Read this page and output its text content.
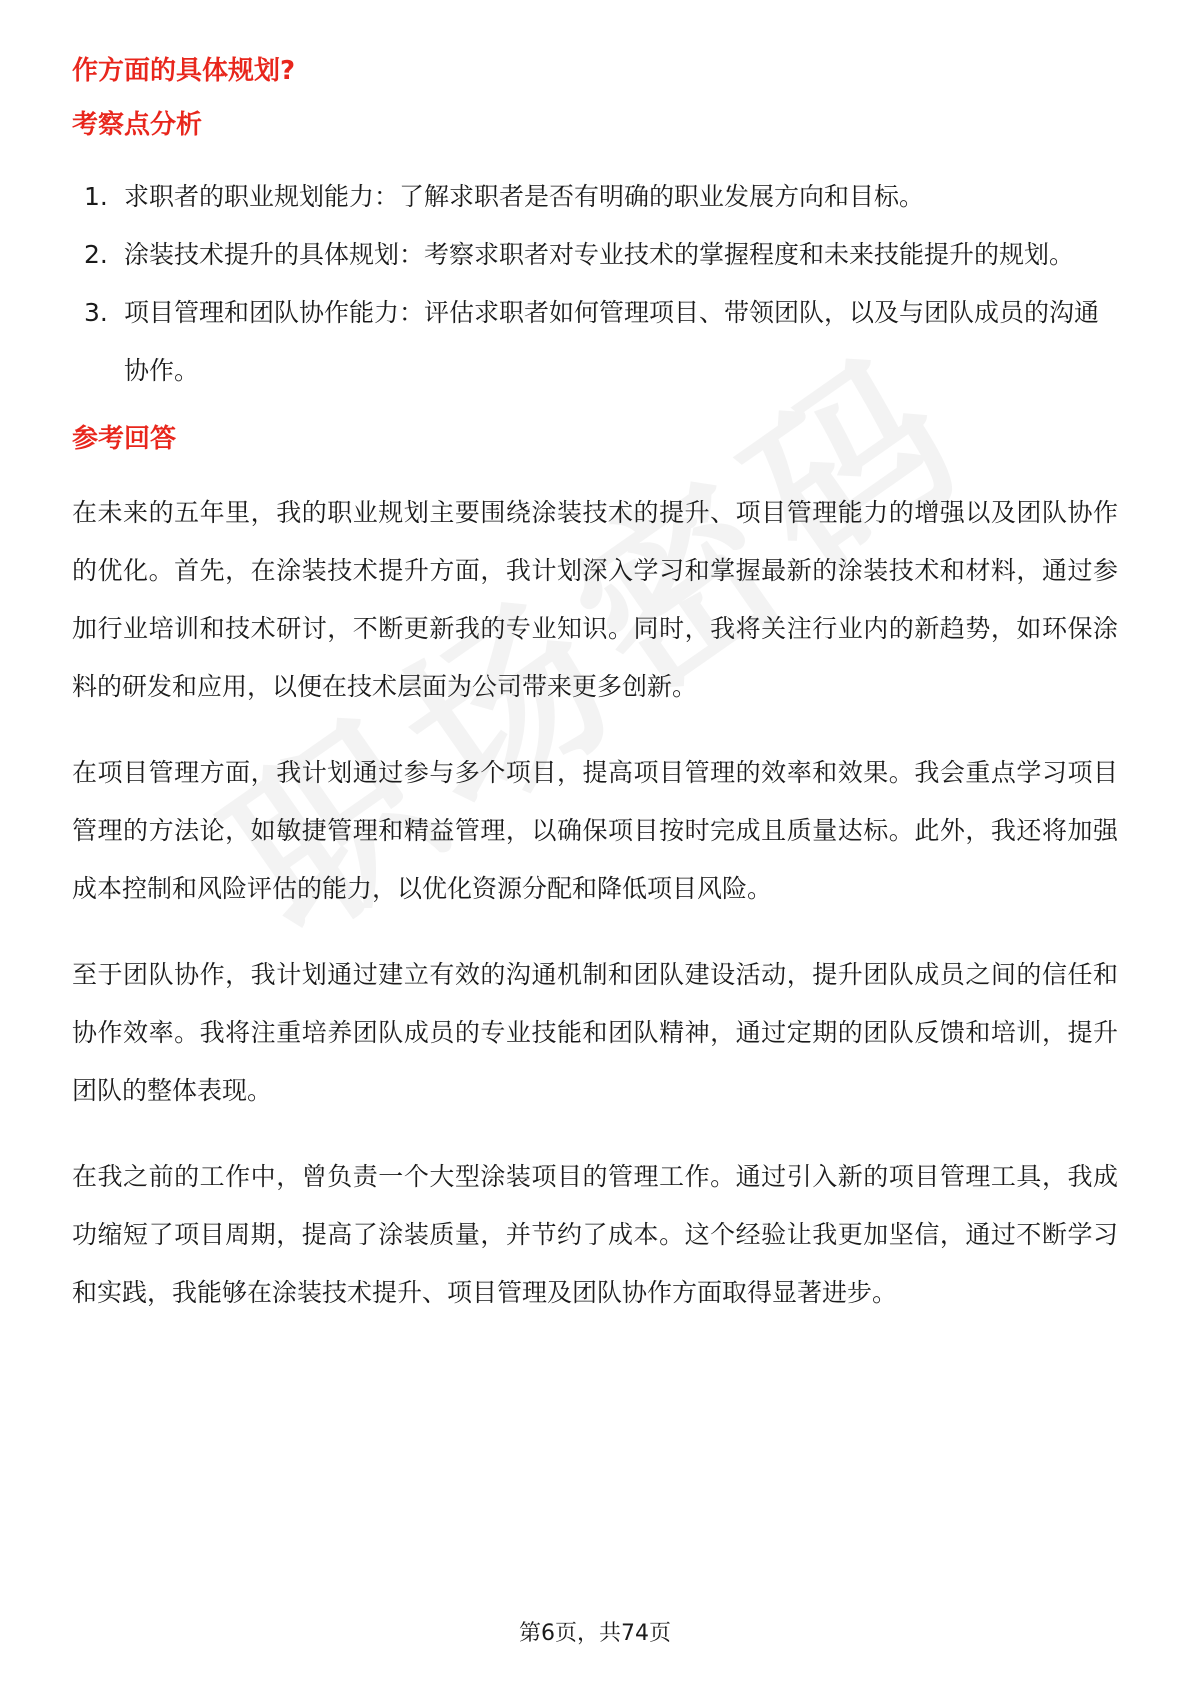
作方面的具体规划?
考察点分析
1. 求职者的职业规划能力：了解求职者是否有明确的职业发展方向和目标。
2. 涂装技术提升的具体规划：考察求职者对专业技术的掌握程度和未来技能提升的规划。
3. 项目管理和团队协作能力：评估求职者如何管理项目、带领团队，以及与团队成员的沟通协作。
参考回答

在未来的五年里，我的职业规划主要围绕涂装技术的提升、项目管理能力的增强以及团队协作的优化。首先，在涂装技术提升方面，我计划深入学习和掌握最新的涂装技术和材料，通过参加行业培训和技术研讨，不断更新我的专业知识。同时，我将关注行业内的新趋势，如环保涂料的研发和应用，以便在技术层面为公司带来更多创新。

在项目管理方面，我计划通过参与多个项目，提高项目管理的效率和效果。我会重点学习项目管理的方法论，如敏捷管理和精益管理，以确保项目按时完成且质量达标。此外，我还将加强成本控制和风险评估的能力，以优化资源分配和降低项目风险。

至于团队协作，我计划通过建立有效的沟通机制和团队建设活动，提升团队成员之间的信任和协作效率。我将注重培养团队成员的专业技能和团队精神，通过定期的团队反馈和培训，提升团队的整体表现。

在我之前的工作中，曾负责一个大型涂装项目的管理工作。通过引入新的项目管理工具，我成功缩短了项目周期，提高了涂装质量，并节约了成本。这个经验让我更加坚信，通过不断学习和实践，我能够在涂装技术提升、项目管理及团队协作方面取得显著进步。

第6页，共74页
